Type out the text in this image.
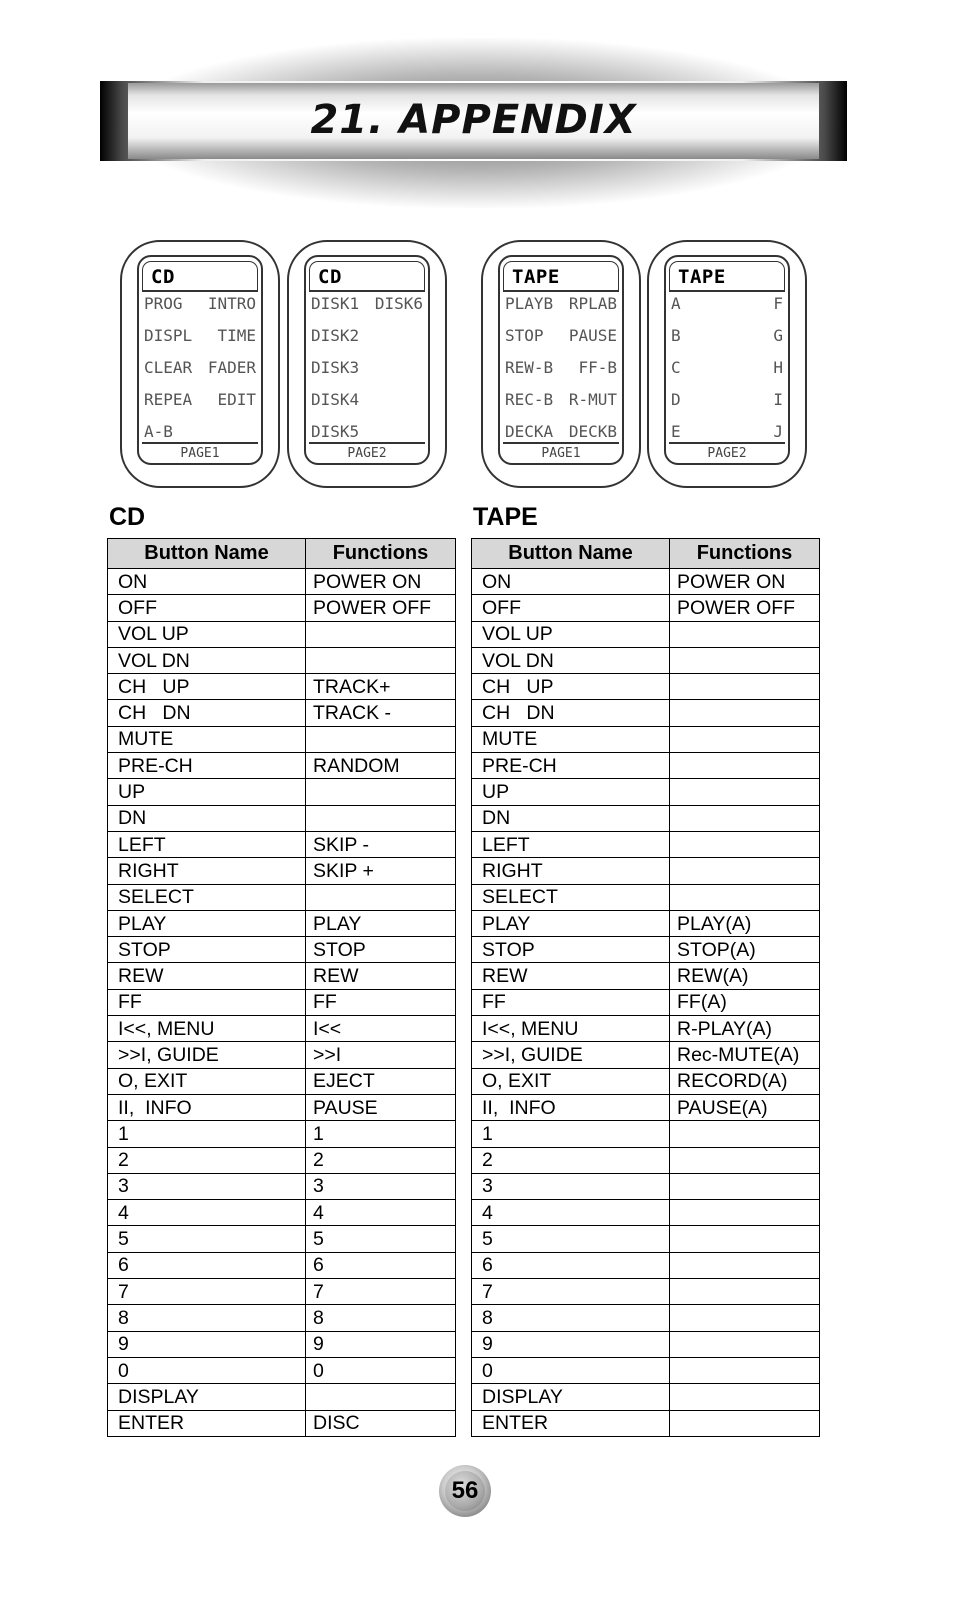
21. APPENDIX
CD
PROG INTRO
DISPL TIME
CLEAR FADER
REPEA EDIT
A-B
PAGE1
CD
DISK1 DISK6
DISK2
DISK3
DISK4
DISK5
PAGE2
TAPE
PLAYB RPLAB
STOP PAUSE
REW-B FF-B
REC-B R-MUT
DECKA DECKB
PAGE1
TAPE
A	F
B	G
C	H
D	I
E	J
PAGE2
CD
Button Name	Functions
ON	POWER ON
OFF	POWER OFF
VOL UP	
VOL DN	
CH   UP	TRACK+
CH   DN	TRACK -
MUTE	
PRE-CH	RANDOM
UP	
DN	
LEFT	SKIP -
RIGHT	SKIP +
SELECT	
PLAY	PLAY
STOP	STOP
REW	REW
FF	FF
I<<, MENU	I<<
>>I, GUIDE	>>I
O, EXIT	EJECT
II,  INFO	PAUSE
1	1
2	2
3	3
4	4
5	5
6	6
7	7
8	8
9	9
0	0
DISPLAY	
ENTER	DISC
TAPE
Button Name	Functions
ON	POWER ON
OFF	POWER OFF
VOL UP	
VOL DN	
CH   UP	
CH   DN	
MUTE	
PRE-CH	
UP	
DN	
LEFT	
RIGHT	
SELECT	
PLAY	PLAY(A)
STOP	STOP(A)
REW	REW(A)
FF	FF(A)
I<<, MENU	R-PLAY(A)
>>I, GUIDE	Rec-MUTE(A)
O, EXIT	RECORD(A)
II,  INFO	PAUSE(A)
1	
2	
3	
4	
5	
6	
7	
8	
9	
0	
DISPLAY	
ENTER	
56
